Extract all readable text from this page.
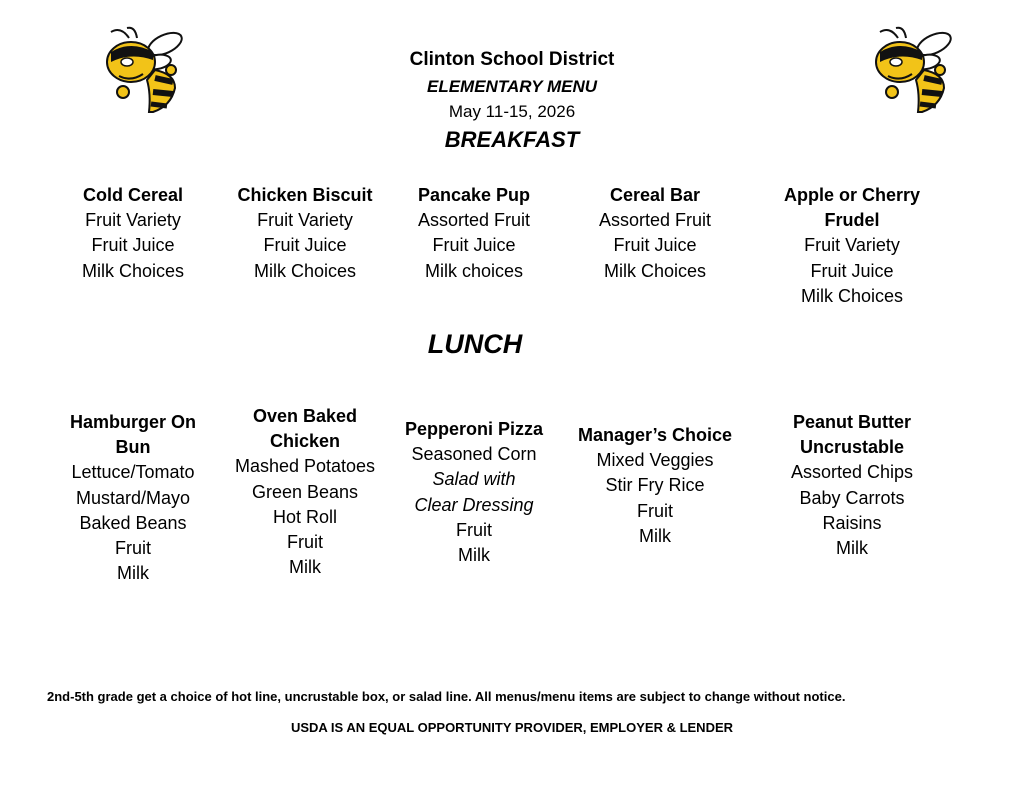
Clinton School District
ELEMENTARY MENU
May 11-15, 2026
BREAKFAST
Cold Cereal
Fruit Variety
Fruit Juice
Milk Choices
Chicken Biscuit
Fruit Variety
Fruit Juice
Milk Choices
Pancake Pup
Assorted Fruit
Fruit Juice
Milk choices
Cereal Bar
Assorted Fruit
Fruit Juice
Milk Choices
Apple or Cherry
Frudel
Fruit Variety
Fruit Juice
Milk Choices
LUNCH
Hamburger On
Bun
Lettuce/Tomato
Mustard/Mayo
Baked Beans
Fruit
Milk
Oven Baked
Chicken
Mashed Potatoes
Green Beans
Hot Roll
Fruit
Milk
Pepperoni Pizza
Seasoned Corn
Salad with
Clear Dressing
Fruit
Milk
Manager’s Choice
Mixed Veggies
Stir Fry Rice
Fruit
Milk
Peanut Butter
Uncrustable
Assorted Chips
Baby Carrots
Raisins
Milk
2nd-5th grade get a choice of hot line, uncrustable box, or salad line. All menus/menu items are subject to change without notice.
USDA IS AN EQUAL OPPORTUNITY PROVIDER, EMPLOYER & LENDER
